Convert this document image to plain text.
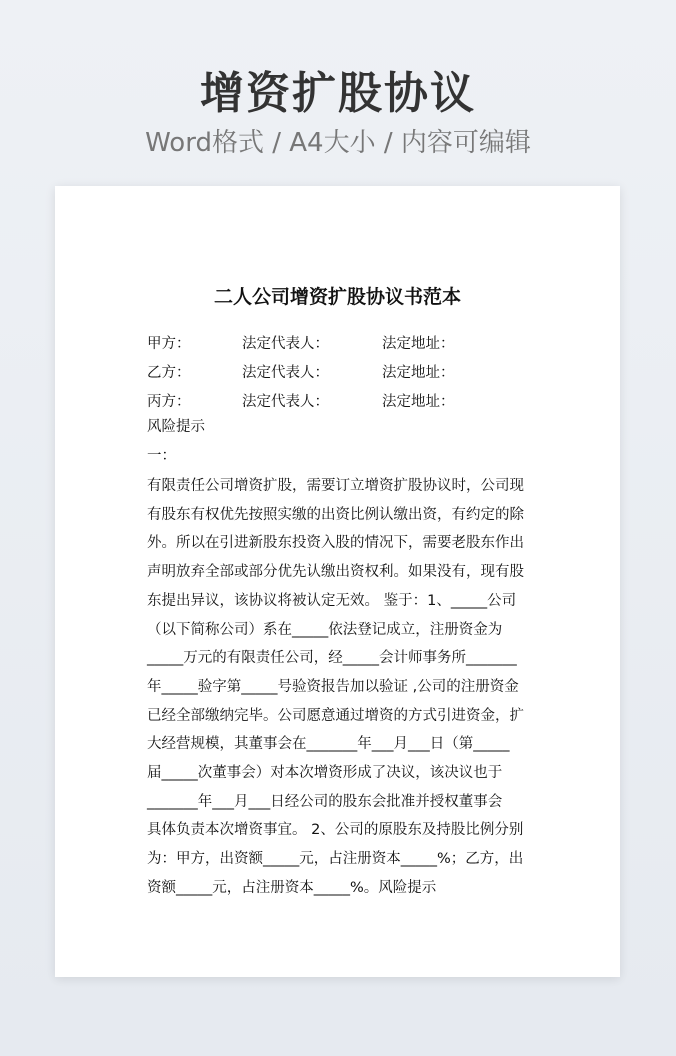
增资扩股协议
Word格式 / A4大小 / 内容可编辑
二人公司增资扩股协议书范本
甲方：	法定代表人：	法定地址：
乙方：	法定代表人：	法定地址：
丙方：	法定代表人：	法定地址：
风险提示
一：
有限责任公司增资扩股，需要订立增资扩股协议时，公司现
有股东有权优先按照实缴的出资比例认缴出资，有约定的除
外。所以在引进新股东投资入股的情况下，需要老股东作出
声明放弃全部或部分优先认缴出资权利。如果没有，现有股
东提出异议，该协议将被认定无效。 鉴于：1、_____公司
（以下简称公司）系在_____依法登记成立，注册资金为
_____万元的有限责任公司，经_____会计师事务所_______
年_____验字第_____号验资报告加以验证 ,公司的注册资金
已经全部缴纳完毕。公司愿意通过增资的方式引进资金，扩
大经营规模，其董事会在_______年___月___日（第_____
届_____次董事会）对本次增资形成了决议，该决议也于
_______年___月___日经公司的股东会批准并授权董事会
具体负责本次增资事宜。 2、公司的原股东及持股比例分别
为：甲方，出资额_____元，占注册资本_____%；乙方，出
资额_____元，占注册资本_____%。风险提示
